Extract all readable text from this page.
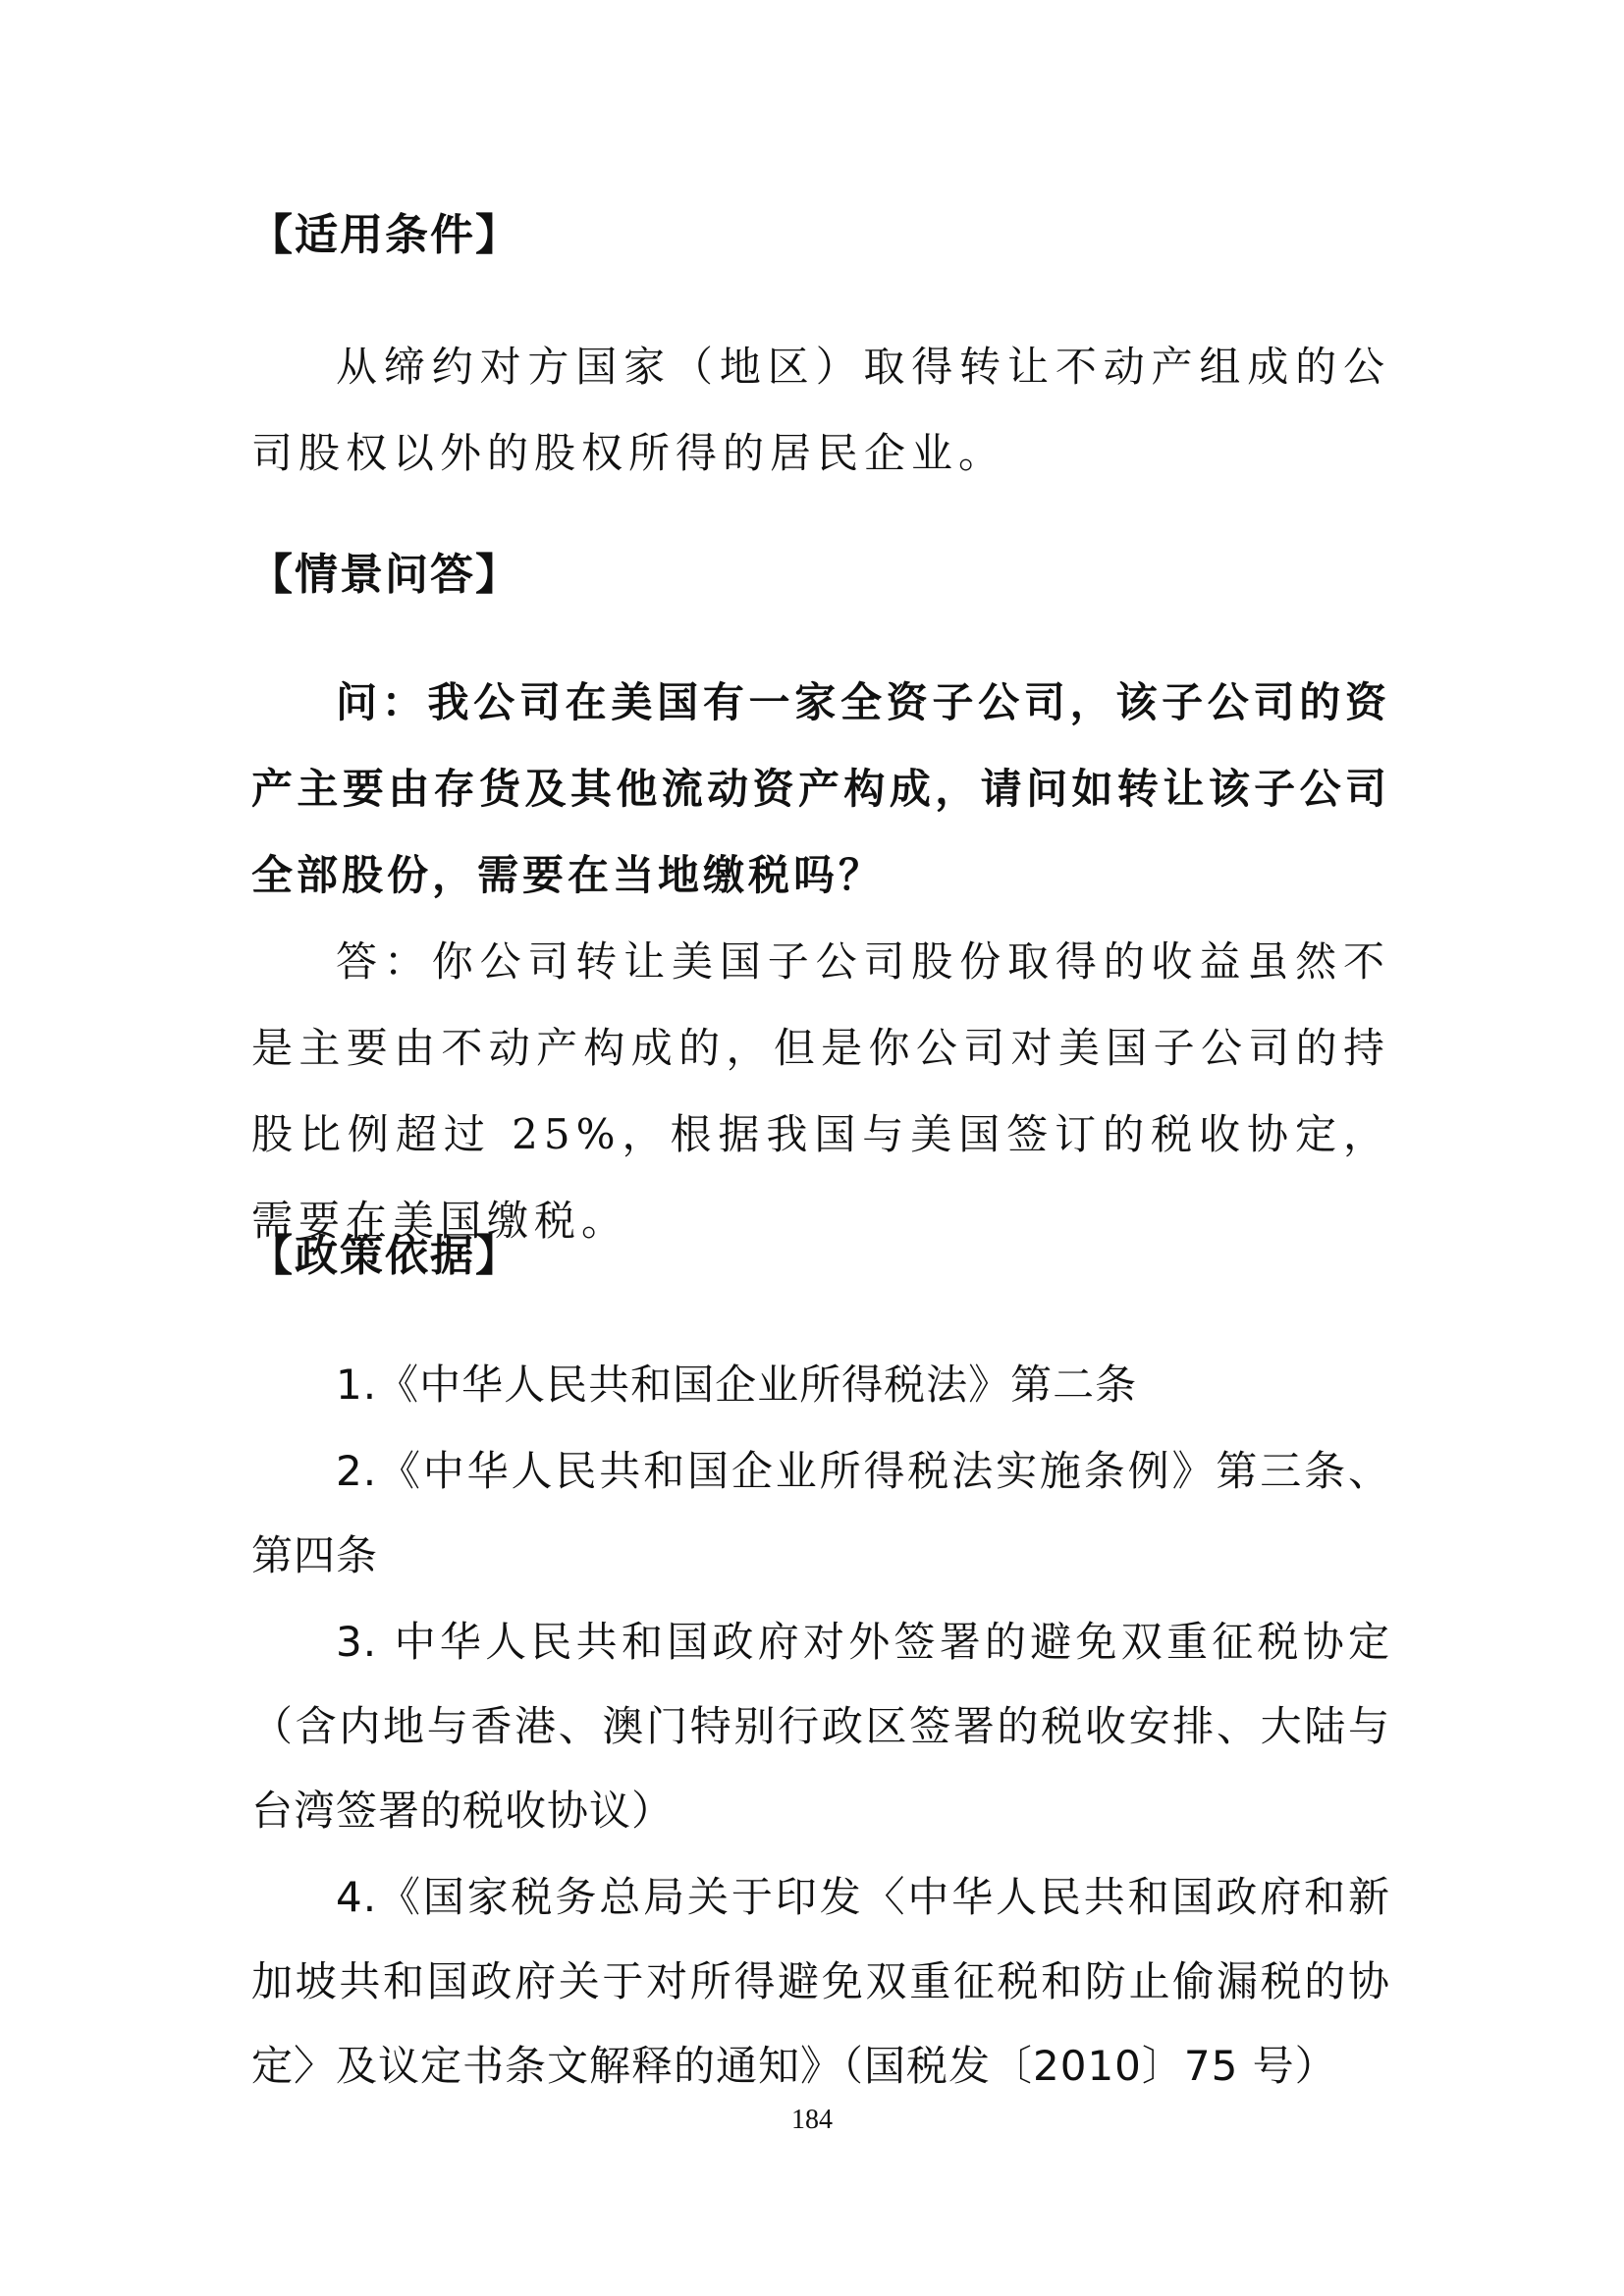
【适用条件】

从缔约对方国家（地区）取得转让不动产组成的公司股权以外的股权所得的居民企业。

【情景问答】

问：我公司在美国有一家全资子公司，该子公司的资产主要由存货及其他流动资产构成，请问如转让该子公司全部股份，需要在当地缴税吗？

答：你公司转让美国子公司股份取得的收益虽然不是主要由不动产构成的，但是你公司对美国子公司的持股比例超过 25%，根据我国与美国签订的税收协定，需要在美国缴税。

【政策依据】

1.《中华人民共和国企业所得税法》第二条

2.《中华人民共和国企业所得税法实施条例》第三条、第四条

3. 中华人民共和国政府对外签署的避免双重征税协定（含内地与香港、澳门特别行政区签署的税收安排、大陆与台湾签署的税收协议）

4.《国家税务总局关于印发〈中华人民共和国政府和新加坡共和国政府关于对所得避免双重征税和防止偷漏税的协定〉及议定书条文解释的通知》（国税发〔2010〕75 号）

184
